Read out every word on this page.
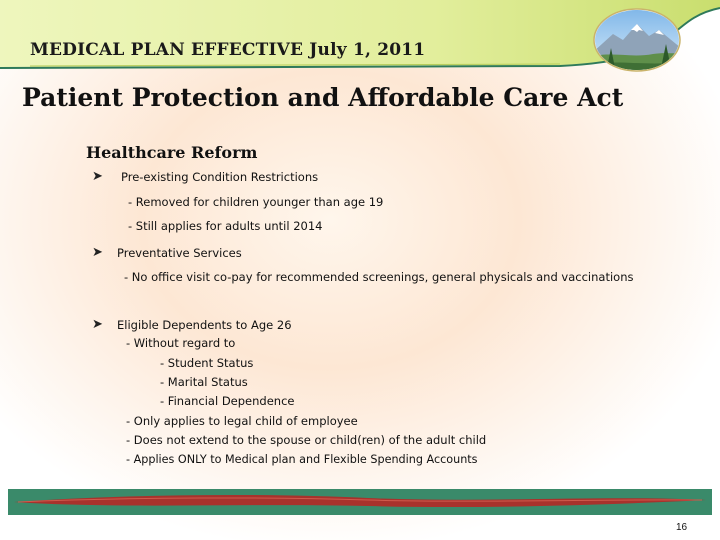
MEDICAL PLAN EFFECTIVE July 1, 2011
Patient Protection and Affordable Care Act
Healthcare Reform
➤ Pre-existing Condition Restrictions
- Removed for children younger than age 19
- Still applies for adults until 2014
➤ Preventative Services
- No office visit co-pay for recommended screenings, general physicals and vaccinations
➤ Eligible Dependents to Age 26
- Without regard to
- Student Status
- Marital Status
- Financial Dependence
- Only applies to legal child of employee
- Does not extend to the spouse or child(ren) of the adult child
- Applies ONLY to Medical plan and Flexible Spending Accounts
16
